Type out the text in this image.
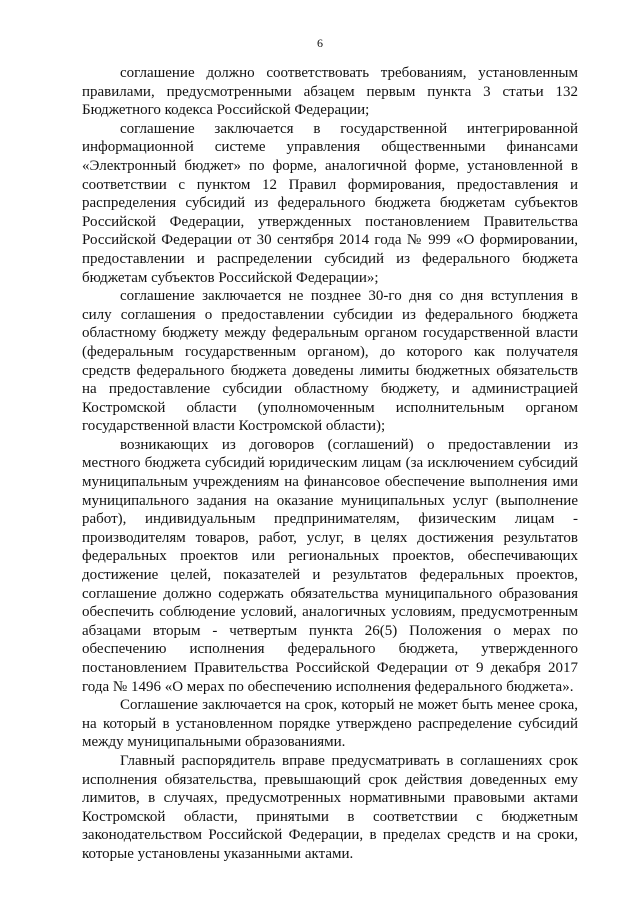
6

соглашение должно соответствовать требованиям, установленным правилами, предусмотренными абзацем первым пункта 3 статьи 132 Бюджетного кодекса Российской Федерации;

соглашение заключается в государственной интегрированной информационной системе управления общественными финансами «Электронный бюджет» по форме, аналогичной форме, установленной в соответствии с пунктом 12 Правил формирования, предоставления и распределения субсидий из федерального бюджета бюджетам субъектов Российской Федерации, утвержденных постановлением Правительства Российской Федерации от 30 сентября 2014 года № 999 «О формировании, предоставлении и распределении субсидий из федерального бюджета бюджетам субъектов Российской Федерации»;

соглашение заключается не позднее 30-го дня со дня вступления в силу соглашения о предоставлении субсидии из федерального бюджета областному бюджету между федеральным органом государственной власти (федеральным государственным органом), до которого как получателя средств федерального бюджета доведены лимиты бюджетных обязательств на предоставление субсидии областному бюджету, и администрацией Костромской области (уполномоченным исполнительным органом государственной власти Костромской области);

возникающих из договоров (соглашений) о предоставлении из местного бюджета субсидий юридическим лицам (за исключением субсидий муниципальным учреждениям на финансовое обеспечение выполнения ими муниципального задания на оказание муниципальных услуг (выполнение работ), индивидуальным предпринимателям, физическим лицам - производителям товаров, работ, услуг, в целях достижения результатов федеральных проектов или региональных проектов, обеспечивающих достижение целей, показателей и результатов федеральных проектов, соглашение должно содержать обязательства муниципального образования обеспечить соблюдение условий, аналогичных условиям, предусмотренным абзацами вторым - четвертым пункта 26(5) Положения о мерах по обеспечению исполнения федерального бюджета, утвержденного постановлением Правительства Российской Федерации от 9 декабря 2017 года № 1496 «О мерах по обеспечению исполнения федерального бюджета».

Соглашение заключается на срок, который не может быть менее срока, на который в установленном порядке утверждено распределение субсидий между муниципальными образованиями.

Главный распорядитель вправе предусматривать в соглашениях срок исполнения обязательства, превышающий срок действия доведенных ему лимитов, в случаях, предусмотренных нормативными правовыми актами Костромской области, принятыми в соответствии с бюджетным законодательством Российской Федерации, в пределах средств и на сроки, которые установлены указанными актами.
